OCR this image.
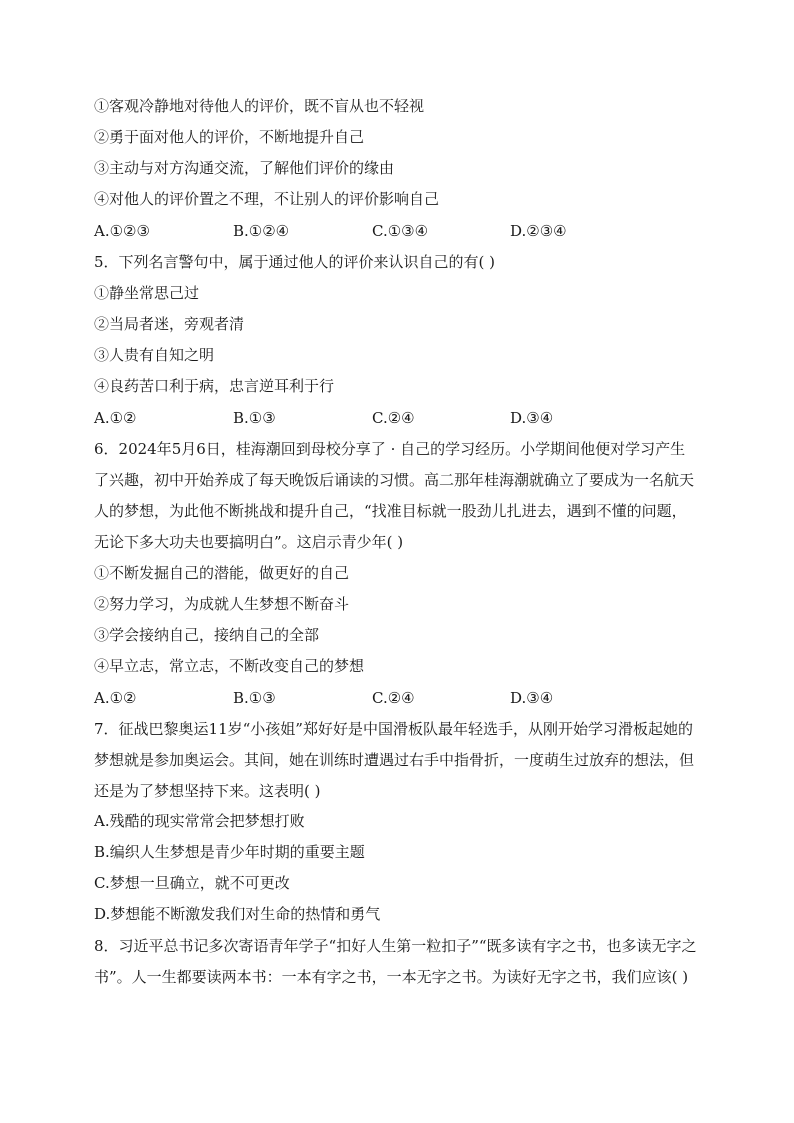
①客观冷静地对待他人的评价，既不盲从也不轻视
②勇于面对他人的评价，不断地提升自己
③主动与对方沟通交流，了解他们评价的缘由
④对他人的评价置之不理，不让别人的评价影响自己
A.①②③	B.①②④	C.①③④	D.②③④
5．下列名言警句中，属于通过他人的评价来认识自己的有( )
①静坐常思己过
②当局者迷，旁观者清
③人贵有自知之明
④良药苦口利于病，忠言逆耳利于行
A.①②	B.①③	C.②④	D.③④
6．2024年5月6日，桂海潮回到母校分享了 · 自己的学习经历。小学期间他便对学习产生了兴趣，初中开始养成了每天晚饭后诵读的习惯。高二那年桂海潮就确立了要成为一名航天人的梦想，为此他不断挑战和提升自己，“找准目标就一股劲儿扎进去，遇到不懂的问题，无论下多大功夫也要搞明白”。这启示青少年( )
①不断发掘自己的潜能，做更好的自己
②努力学习，为成就人生梦想不断奋斗
③学会接纳自己，接纳自己的全部
④早立志，常立志，不断改变自己的梦想
A.①②	B.①③	C.②④	D.③④
7．征战巴黎奥运11岁“小孩姐”郑好好是中国滑板队最年轻选手，从刚开始学习滑板起她的梦想就是参加奥运会。其间，她在训练时遭遇过右手中指骨折，一度萌生过放弃的想法，但还是为了梦想坚持下来。这表明( )
A.残酷的现实常常会把梦想打败
B.编织人生梦想是青少年时期的重要主题
C.梦想一旦确立，就不可更改
D.梦想能不断激发我们对生命的热情和勇气
8．习近平总书记多次寄语青年学子“扣好人生第一粒扣子”“既多读有字之书，也多读无字之书”。人一生都要读两本书：一本有字之书，一本无字之书。为读好无字之书，我们应该( )
